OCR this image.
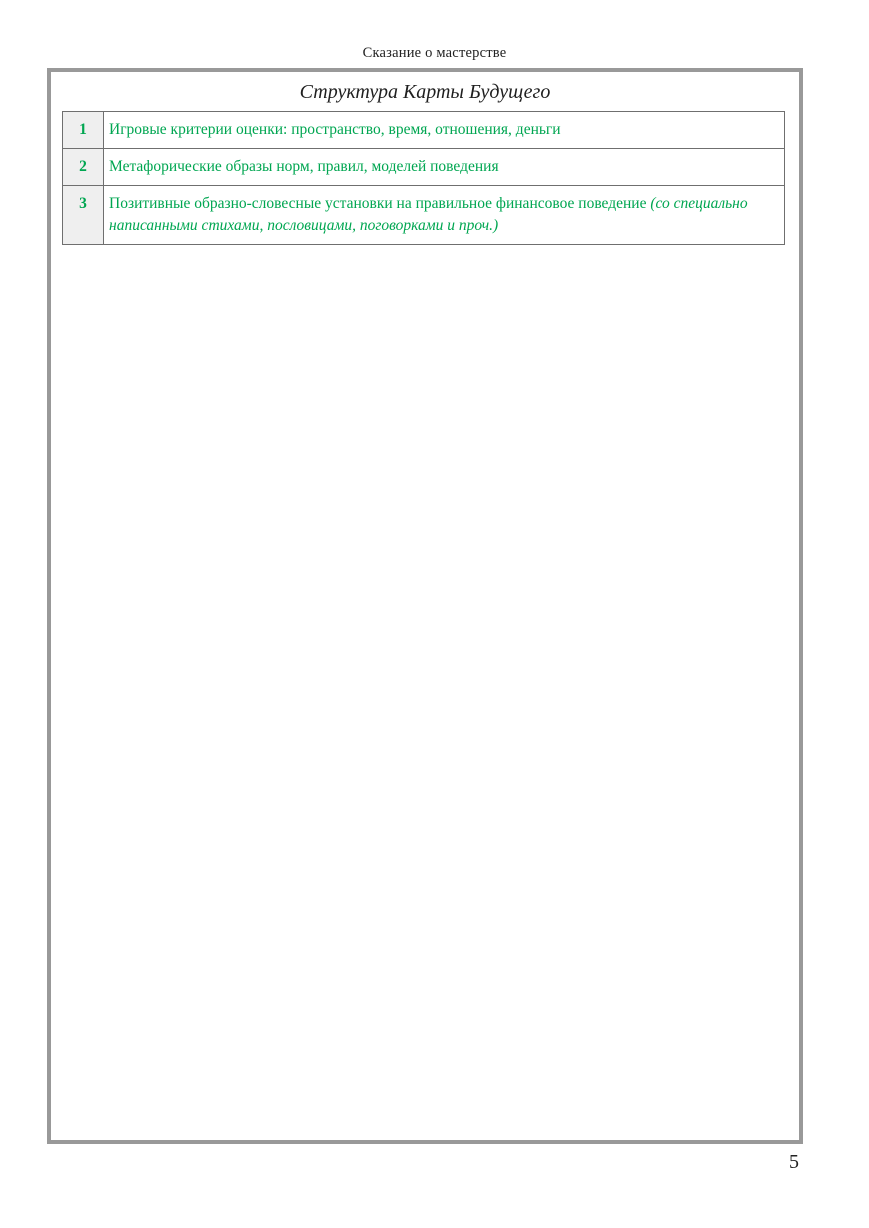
Сказание о мастерстве
Структура Карты Будущего
1	Игровые критерии оценки: пространство, время, отношения, деньги
2	Метафорические образы норм, правил, моделей поведения
3	Позитивные образно-словесные установки на правильное финансовое поведение (со специально написанными стихами, пословицами, поговорками и проч.)
5
